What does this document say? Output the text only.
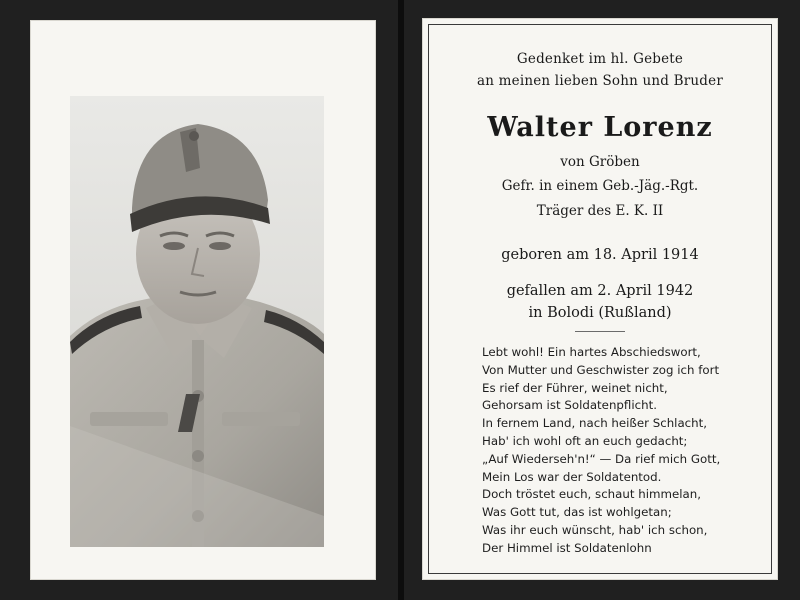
Gedenket im hl. Gebete
an meinen lieben Sohn und Bruder
Walter Lorenz
von Gröben
Gefr. in einem Geb.-Jäg.-Rgt.
Träger des E. K. II
geboren am 18. April 1914
gefallen am 2. April 1942
in Bolodi (Rußland)
Lebt wohl! Ein hartes Abschiedswort,
Von Mutter und Geschwister zog ich fort
Es rief der Führer, weinet nicht,
Gehorsam ist Soldatenpflicht.
In fernem Land, nach heißer Schlacht,
Hab' ich wohl oft an euch gedacht;
„Auf Wiederseh'n!“ — Da rief mich Gott,
Mein Los war der Soldatentod.
Doch tröstet euch, schaut himmelan,
Was Gott tut, das ist wohlgetan;
Was ihr euch wünscht, hab' ich schon,
Der Himmel ist Soldatenlohn
